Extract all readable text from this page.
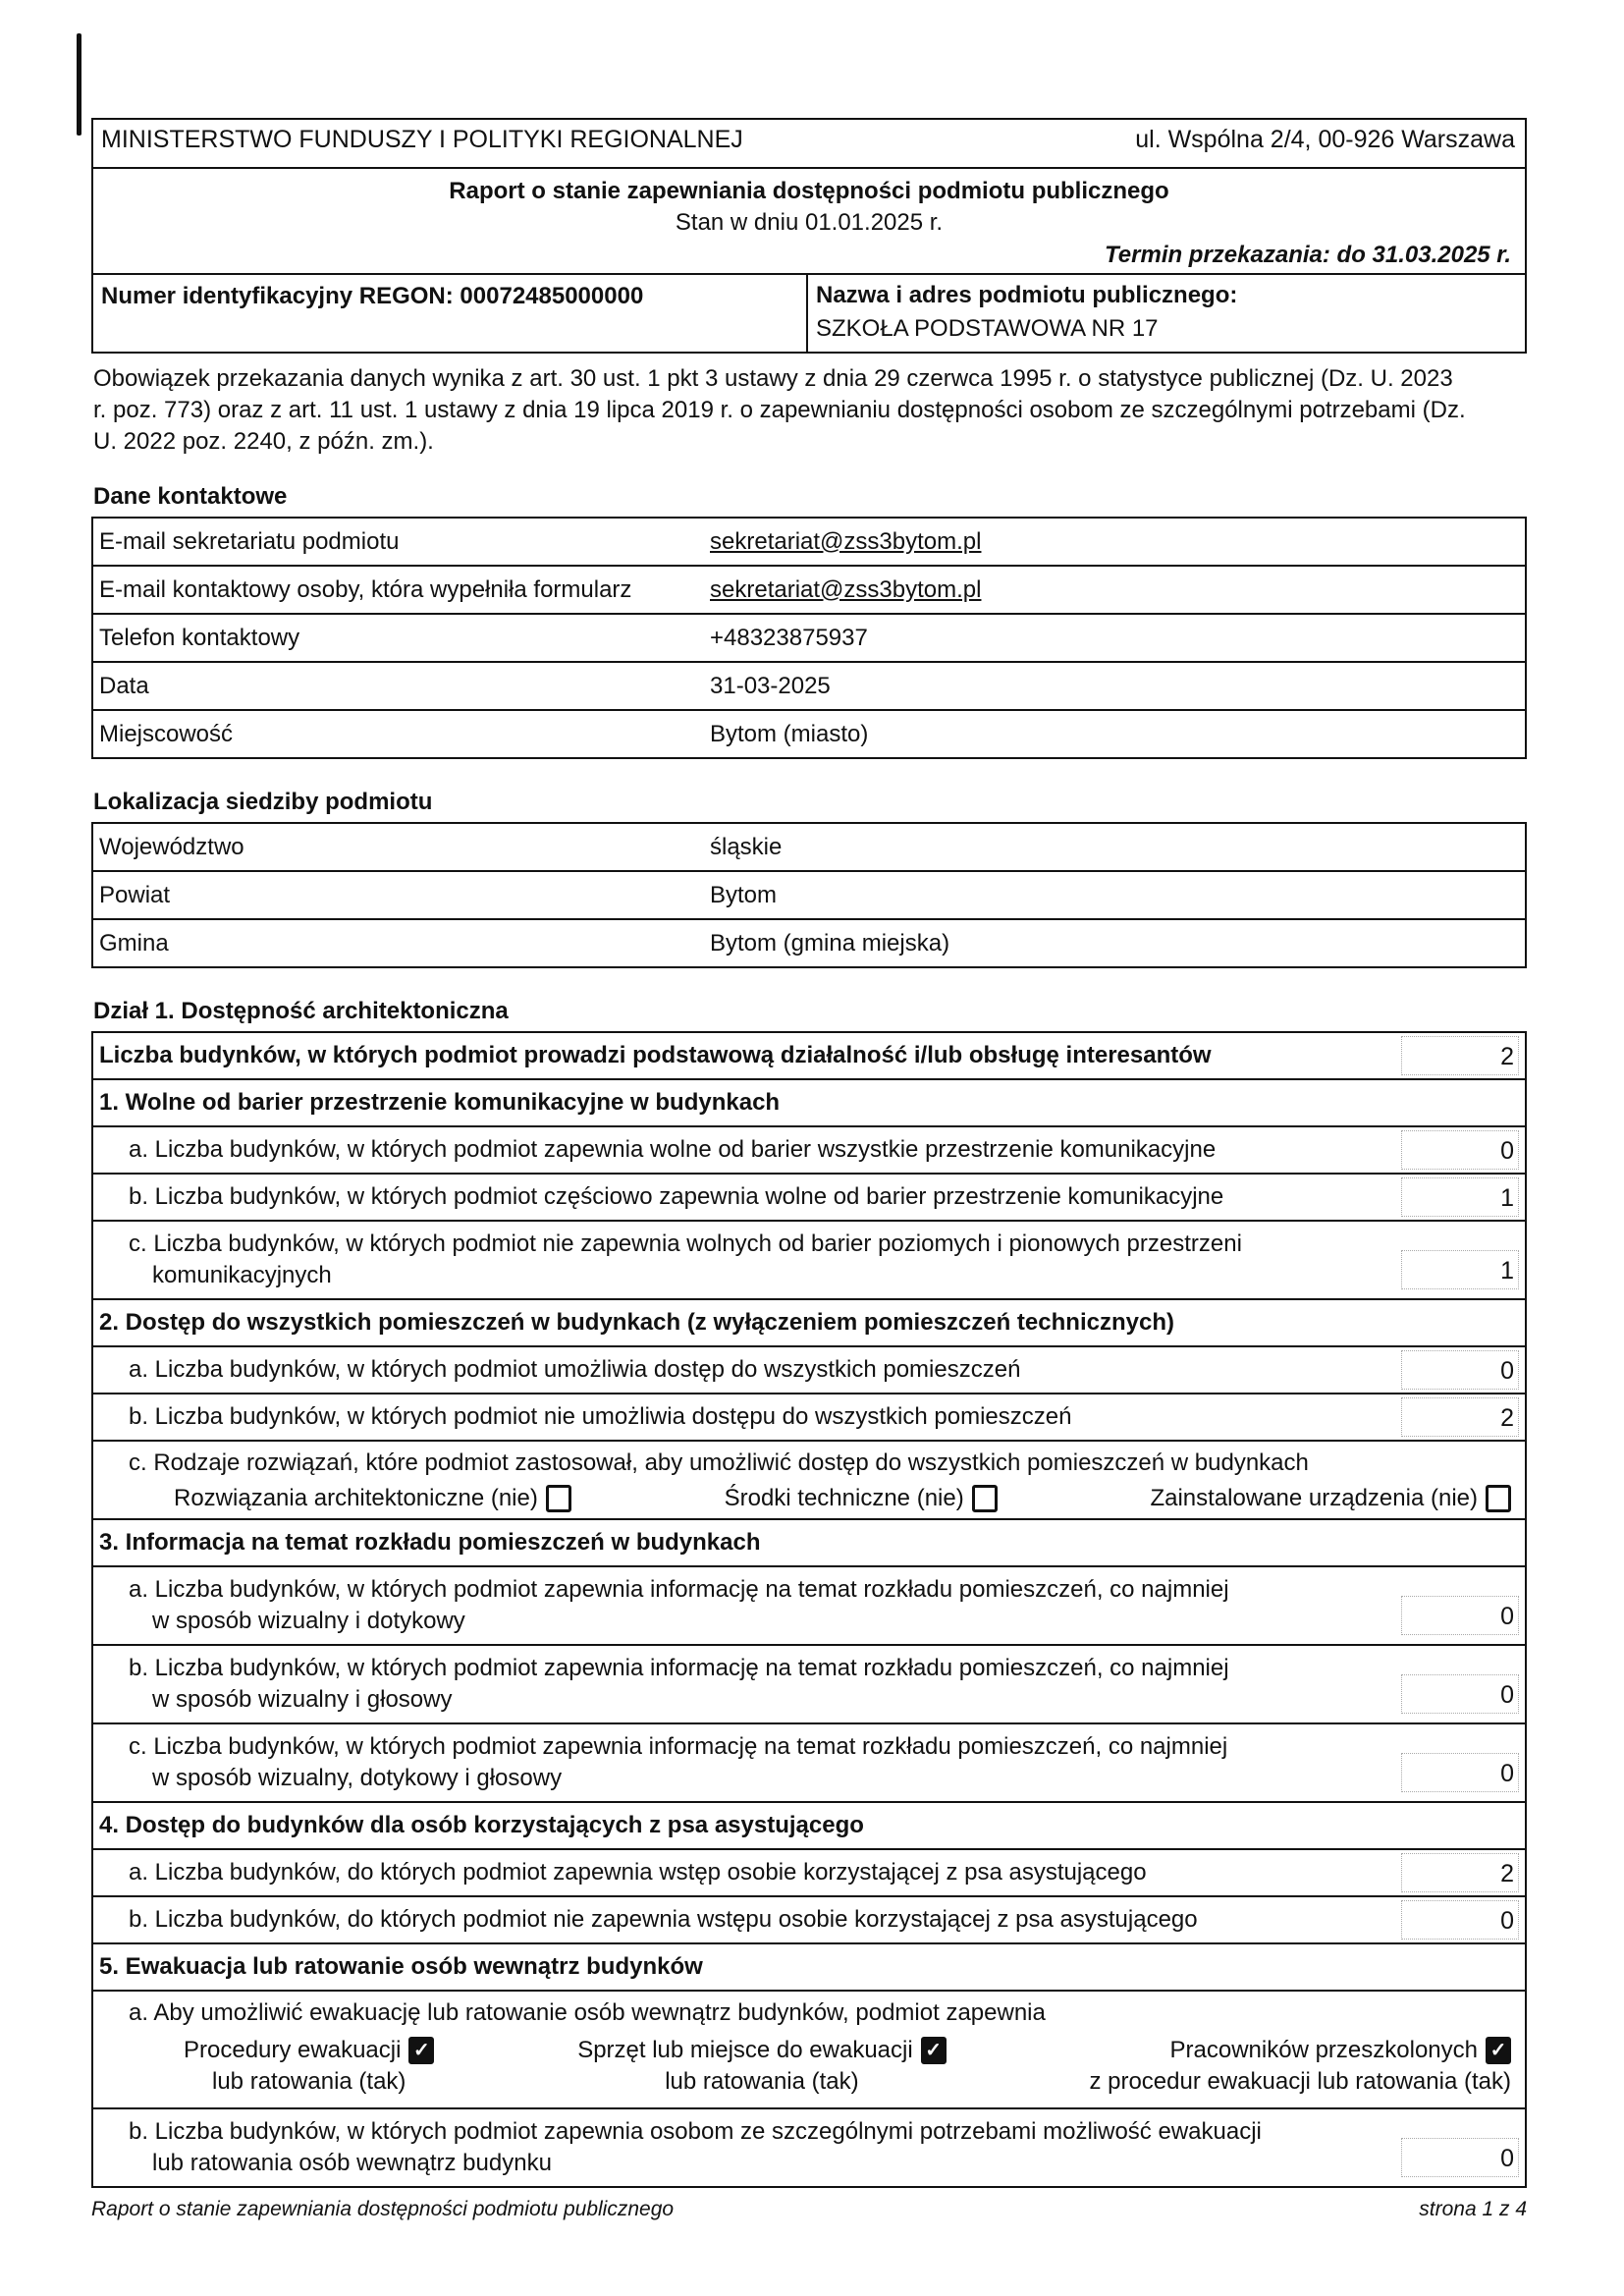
MINISTERSTWO FUNDUSZY I POLITYKI REGIONALNEJ	ul. Wspólna 2/4, 00-926 Warszawa
Raport o stanie zapewniania dostępności podmiotu publicznego
Stan w dniu 01.01.2025 r.
Termin przekazania: do 31.03.2025 r.
Numer identyfikacyjny REGON: 00072485000000	Nazwa i adres podmiotu publicznego:
SZKOŁA PODSTAWOWA NR 17
Obowiązek przekazania danych wynika z art. 30 ust. 1 pkt 3 ustawy z dnia 29 czerwca 1995 r. o statystyce publicznej (Dz. U. 2023 r. poz. 773) oraz z art. 11 ust. 1 ustawy z dnia 19 lipca 2019 r. o zapewnianiu dostępności osobom ze szczególnymi potrzebami (Dz. U. 2022 poz. 2240, z późn. zm.).
Dane kontaktowe
E-mail sekretariatu podmiotu	sekretariat@zss3bytom.pl
E-mail kontaktowy osoby, która wypełniła formularz	sekretariat@zss3bytom.pl
Telefon kontaktowy	+48323875937
Data	31-03-2025
Miejscowość	Bytom (miasto)
Lokalizacja siedziby podmiotu
Województwo	śląskie
Powiat	Bytom
Gmina	Bytom (gmina miejska)
Dział 1. Dostępność architektoniczna
Liczba budynków, w których podmiot prowadzi podstawową działalność i/lub obsługę interesantów	2
1. Wolne od barier przestrzenie komunikacyjne w budynkach
a. Liczba budynków, w których podmiot zapewnia wolne od barier wszystkie przestrzenie komunikacyjne	0
b. Liczba budynków, w których podmiot częściowo zapewnia wolne od barier przestrzenie komunikacyjne	1
c. Liczba budynków, w których podmiot nie zapewnia wolnych od barier poziomych i pionowych przestrzeni
komunikacyjnych	1
2. Dostęp do wszystkich pomieszczeń w budynkach (z wyłączeniem pomieszczeń technicznych)
a. Liczba budynków, w których podmiot umożliwia dostęp do wszystkich pomieszczeń	0
b. Liczba budynków, w których podmiot nie umożliwia dostępu do wszystkich pomieszczeń	2
c. Rodzaje rozwiązań, które podmiot zastosował, aby umożliwić dostęp do wszystkich pomieszczeń w budynkach
Rozwiązania architektoniczne (nie)	Środki techniczne (nie)	Zainstalowane urządzenia (nie)
3. Informacja na temat rozkładu pomieszczeń w budynkach
a. Liczba budynków, w których podmiot zapewnia informację na temat rozkładu pomieszczeń, co najmniej
w sposób wizualny i dotykowy	0
b. Liczba budynków, w których podmiot zapewnia informację na temat rozkładu pomieszczeń, co najmniej
w sposób wizualny i głosowy	0
c. Liczba budynków, w których podmiot zapewnia informację na temat rozkładu pomieszczeń, co najmniej
w sposób wizualny, dotykowy i głosowy	0
4. Dostęp do budynków dla osób korzystających z psa asystującego
a. Liczba budynków, do których podmiot zapewnia wstęp osobie korzystającej z psa asystującego	2
b. Liczba budynków, do których podmiot nie zapewnia wstępu osobie korzystającej z psa asystującego	0
5. Ewakuacja lub ratowanie osób wewnątrz budynków
a. Aby umożliwić ewakuację lub ratowanie osób wewnątrz budynków, podmiot zapewnia
Procedury ewakuacji ✓
lub ratowania (tak)
Sprzęt lub miejsce do ewakuacji ✓
lub ratowania (tak)
Pracowników przeszkolonych ✓
z procedur ewakuacji lub ratowania (tak)
b. Liczba budynków, w których podmiot zapewnia osobom ze szczególnymi potrzebami możliwość ewakuacji
lub ratowania osób wewnątrz budynku	0
Raport o stanie zapewniania dostępności podmiotu publicznego	strona 1 z 4
